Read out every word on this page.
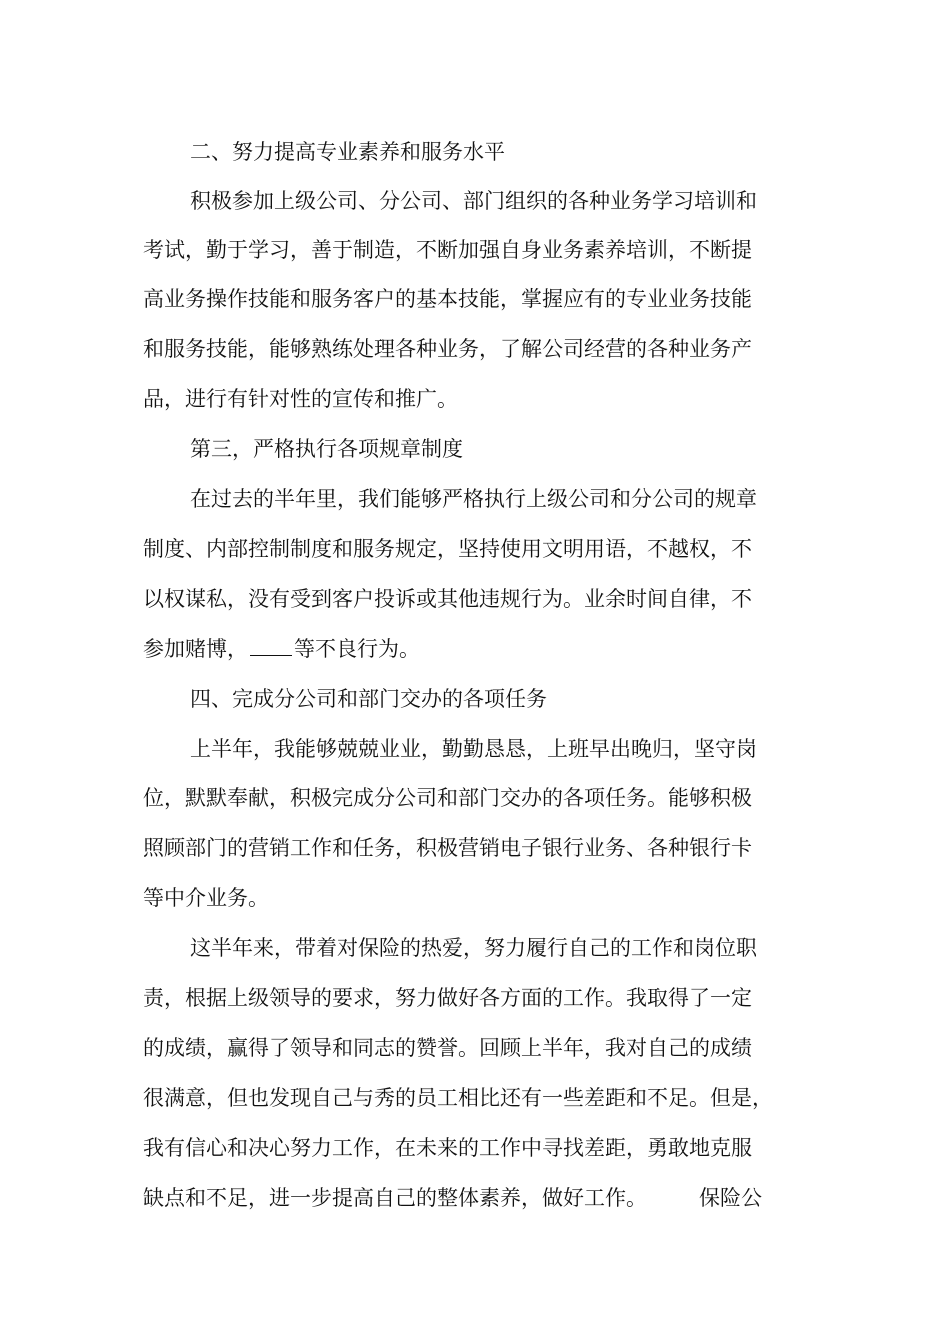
二、努力提高专业素养和服务水平
积极参加上级公司、分公司、部门组织的各种业务学习培训和
考试，勤于学习，善于制造，不断加强自身业务素养培训，不断提
高业务操作技能和服务客户的基本技能，掌握应有的专业业务技能
和服务技能，能够熟练处理各种业务，了解公司经营的各种业务产
品，进行有针对性的宣传和推广。
第三，严格执行各项规章制度
在过去的半年里，我们能够严格执行上级公司和分公司的规章
制度、内部控制制度和服务规定，坚持使用文明用语，不越权，不
以权谋私，没有受到客户投诉或其他违规行为。业余时间自律，不
参加赌博， 等不良行为。
四、完成分公司和部门交办的各项任务
上半年，我能够兢兢业业，勤勤恳恳，上班早出晚归，坚守岗
位，默默奉献，积极完成分公司和部门交办的各项任务。能够积极
照顾部门的营销工作和任务，积极营销电子银行业务、各种银行卡
等中介业务。
这半年来，带着对保险的热爱，努力履行自己的工作和岗位职
责，根据上级领导的要求，努力做好各方面的工作。我取得了一定
的成绩，赢得了领导和同志的赞誉。回顾上半年，我对自己的成绩
很满意，但也发现自己与秀的员工相比还有一些差距和不足。但是，
我有信心和决心努力工作，在未来的工作中寻找差距，勇敢地克服
缺点和不足，进一步提高自己的整体素养，做好工作。 保险公
